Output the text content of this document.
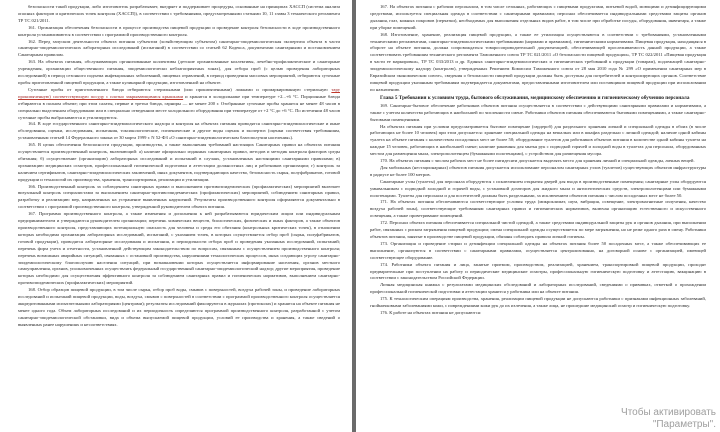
безопасности такой продукции, либо изготовитель разрабатывает, внедряет и поддерживает процедуры, основанные на принципах ХАССП (система анализа опасных факторов и критических точек контроля (ХАССП)), в соответствии с требованиями, предусмотренными статьями 10, 11 главы 3 технического регламента ТР ТС 021/2011.

161. Организация обеспечения безопасности в процессе производства пищевой продукции и проведение контроля безопасности в ходе производственного контроля устанавливаются в соответствии с программой производственного контроля.

162. Перед запуском деятельности объекта питания субъектом (хозяйствующим субъектом) санитарно-эпидемиологическая экспертиза объекта в части санитарно-эпидемиологических лабораторных исследований (испытаний) в соответствии со статьей 62 Кодекса, документами санитарными и постановлением Санитарным правилам.

163. На объектах питания, обслуживающих организованные коллективы (детские организованные коллективы, лечебно-профилактические и санаторные учреждения, организации общественного питания, эпидемиологически неблагоприятных зонах), для отбора проб (с целью проведения лабораторных исследований) в период сезонного подъема инфекционных заболеваний, пищевых отравлений, в период проведения массовых мероприятий, отбираются суточные пробы приготовленной пищевой продукции, а также кулинарной продукции, изготовленной на объекте.

Суточные пробы от приготовленного блюда отбираются стерильными (или прокипяченными) ложками и промаркированную стерильную тару прокипяченную) соответствующую посуду с плотно закрывающимися крышками и хранятся в холодильнике при температуре +2...+6 °С. Порционные блюда отбираются в полном объеме; при этом салаты, первые и третьи блюда, гарниры — не менее 200 г. Отобранные суточные пробы хранятся не менее 48 часов в специально выделенном оборудовании или в специально отведенном месте холодильного оборудования при температуре от +2 °С до +6 °С. По истечении 48 часов суточные пробы выбрасываются и утилизируются.

164. В ходе государственного санитарно-эпидемиологического надзора и контроля на объектах питания проводятся санитарно-эпидемиологические и иные обследования, оценки, исследования, испытания, токсикологические, гигиенические и другие виды оценок и экспертиз (оценки соответствия требованиям, установленным статьей 14 Федерального закона от 30 марта 1999 г. N 52-ФЗ «О санитарно-эпидемиологическом благополучии населения»).

165. В целях обеспечения безопасности продукции, производства, а также выполнения требований настоящих Санитарных правил на объектах питания осуществляется производственный контроль, включающий: а) наличие официально изданных санитарных правил, методов и методик контроля факторов среды обитания; б) осуществление (организацию) лабораторных исследований и испытаний в случаях, установленных настоящими санитарными правилами; в) организацию медицинских осмотров, профессиональной гигиенической подготовки и аттестации должностных лиц и работников организации; г) контроль за наличием сертификатов, санитарно-эпидемиологических заключений, иных документов, подтверждающих качество, безопасность сырья, полуфабрикатов, готовой продукции и технологий их производства, хранения, транспортировки, реализации и утилизации.

166. Производственный контроль за соблюдением санитарных правил и выполнением противоэпидемических (профилактических) мероприятий включает визуальный контроль специалистами за выполнением санитарно-противоэпидемических (профилактических) мероприятий, соблюдением санитарных правил, разработку и реализацию мер, направленных на устранение выявленных нарушений. Результаты производственного контроля оформляются документально в соответствии с программой производственного контроля, утвержденной руководителем объекта питания.

167. Программа производственного контроля, а также изменения и дополнения к ней разрабатываются юридическим лицом или индивидуальным предпринимателем и утверждаются руководителем организации; перечень химических веществ, биологических, физических и иных факторов, а также объектов производственного контроля, представляющих потенциальную опасность для человека и среды его обитания (контрольных критических точек), в отношении которых необходима организация лабораторных исследований, испытаний, с указанием точек, в которых осуществляется отбор проб (сырья, полуфабрикатов, готовой продукции), проводятся лабораторные исследования и испытания, и периодичности отбора проб и проведения указанных исследований, испытаний; перечень форм учета и отчетности, установленной действующим законодательством по вопросам, связанным с осуществлением производственного контроля; перечень возможных аварийных ситуаций, связанных с остановкой производства, нарушениями технологических процессов, иных создающих угрозу санитарно-эпидемиологическому благополучию населения ситуаций, при возникновении которых осуществляется информирование населения, органов местного самоуправления, органов, уполномоченных осуществлять федеральный государственный санитарно-эпидемиологический надзор; другие мероприятия, проведение которых необходимо для осуществления эффективного контроля за соблюдением санитарных правил и гигиенических нормативов, выполнением санитарно-противоэпидемических (профилактических) мероприятий.

168. Отбор образцов пищевой продукции, в том числе сырья, отбор проб воды, смывов с поверхностей, воздуха рабочей зоны, и проведение лабораторных исследований и испытаний пищевой продукции, воды, воздуха, смывов с поверхностей в соответствии с программой производственного контроля осуществляется аккредитованными испытательными лабораториями (центрами); результаты исследований фиксируются в журналах (протоколах) и хранятся на объекте питания не менее одного года. Объем лабораторных исследований и их периодичность определяются программой производственного контроля, разработанной с учетом санитарно-эпидемиологической обстановки, вида и объема выпускаемой пищевой продукции, условий ее производства и хранения, а также сведений о выявленных ранее нарушениях и несоответствиях.

167. На объектах питания с рабочим персоналом, в том числе сезонных, работающих с пищевыми продуктами, питьевой водой, моющими и дезинфицирующими средствами, используется специальная одежда в соответствии с санитарными правилами; персонал обеспечивается индивидуальными средствами защиты органов дыхания, глаз, кожных покровов (перчатки), необходимых для выполнения отдельных видов работ, в том числе при обработке посуды, оборудования, инвентаря, а также при уборке помещений.

168. Изготовление, хранение, реализация пищевой продукции, а также ее утилизация осуществляются в соответствии с требованиями, установленными техническими регламентами, санитарно-эпидемиологическими требованиями (нормами и правилами), гигиеническими нормативами. Пищевая продукция, находящаяся в обороте на объекте питания, должна сопровождаться товаросопроводительной документацией, обеспечивающей прослеживаемость данной продукции, а также соответствовать требованиям технического регламента Таможенного союза ТР ТС 021/2011 «О безопасности пищевой продукции», ТР ТС 022/2011 «Пищевая продукция в части ее маркировки», ТР ТС 033/2013 и др. Единых санитарно-эпидемиологических и гигиенических требований к продукции (товарам), подлежащей санитарно-эпидемиологическому надзору (контролю), утвержденных Решением Комиссии Таможенного союза от 28 мая 2010 года № 299 «О применении санитарных мер в Евразийском экономическом союзе», сведения о безопасности пищевой продукции должны быть доступны для потребителей и контролирующих органов. Соответствие пищевой продукции указанным требованиям подтверждается документами, предоставленными изготовителем или поставщиком пищевой продукции при использовании по назначению.

Глава 5 Требования к условиям труда, бытового обслуживания, медицинскому обеспечению и гигиеническому обучению персонала

169. Санитарно-бытовое обеспечение работников объектов питания осуществляется в соответствии с действующими санитарными правилами и нормативами, а также с учетом количества работающих в наибольшей по численности смене. Работники объектов питания обеспечиваются бытовыми помещениями, а также санитарно-бытовыми помещениями.

На объектах питания при условии предусматривается бытовое помещение (гардероб) для раздельного хранения личной и специальной одежды в обоих (в числе работающих не более 10 человек) при этом допускается: хранение специальной одежды на вешалках или в шкафах раздельно с личной одеждой; наличие одной кабины туалета на объекте питания с количеством посадочных мест не более 50; оборудование туалетов для работников объектов питания в количестве одной кабины туалета на каждые 15 человек, работающих в наибольшей смене; наличие раковины для мытья рук с подводкой горячей и холодной воды в туалетах для персонала, оборудованных местом для размещения мыла, электрополотенцем (бумажными полотенцами), с устройством для размещения мусора.

170. На объектах питания с числом рабочих мест не более пятидесяти допускается выделять место для хранения личной и специальной одежды, личных вещей.

Для мобильных (нестационарных) объектов питания допускается использование персоналом санитарных узлов (туалетов) существующих объектов инфраструктуры в радиусе не более 100 метров.

Санитарные узлы (туалеты) для персонала оборудуются с исключением открытия дверей для входа в производственные помещения; санитарные узлы оборудуются умывальником с подводкой холодной и горячей воды, с установкой дозаторов для жидкого мыла и антисептических средств, электрополотенцами или бумажными полотенцами. Туалеты для персонала и для посетителей должны быть раздельными, за исключением объектов питания с числом посадочных мест не более 50.

171. На объектах питания обеспечиваются соответствующие условия труда (микроклимат, шум, вибрация, освещение, электромагнитные излучения, качество воздуха рабочей зоны), соответствующие требованиям санитарных правил и гигиенических нормативов, включая организацию естественного и искусственного освещения, а также проветривание помещений.

172. Персонал объекта питания обеспечивается специальной чистой одеждой, а также средствами индивидуальной защиты рук и органов дыхания, при выполнении работ, связанных с риском загрязнения пищевой продукции; смена специальной одежды осуществляется по мере загрязнения, но не реже одного раза в смену. Работники объектов питания, занятые в производстве пищевой продукции, обязаны соблюдать правила личной гигиены.

173. Организация и проведение стирки и дезинфекции специальной одежды на объектах питания более 50 посадочных мест, а также обеспечивающих ее выполнение, организуются в соответствии с санитарными правилами, осуществляется централизованно, на договорной основе с организацией, имеющей соответствующее оборудование.

174. Работники объекта питания и лица, занятые приемом, производством, реализацией, хранением, транспортировкой пищевой продукции, проходят предварительные при поступлении на работу и периодические медицинские осмотры, профессиональную гигиеническую подготовку и аттестацию, вакцинацию в соответствии с законодательством Российской Федерации.

Личная медицинская книжка с результатами медицинских обследований и лабораторных исследований, сведениями о прививках, отметкой о прохождении профессиональной гигиенической подготовки и аттестации хранится у работника или на объекте питания.

175. К технологическим операциям производства, хранения, реализации пищевой продукции не допускаются работники с признаками инфекционных заболеваний, гнойничковыми заболеваниями кожи, с повреждениями кожи рук до их излечения, а также лица, не прошедшие медицинский осмотр и гигиеническую подготовку.

176. К работе на объектах питания не допускаются:

Чтобы активировать
"Параметры".
